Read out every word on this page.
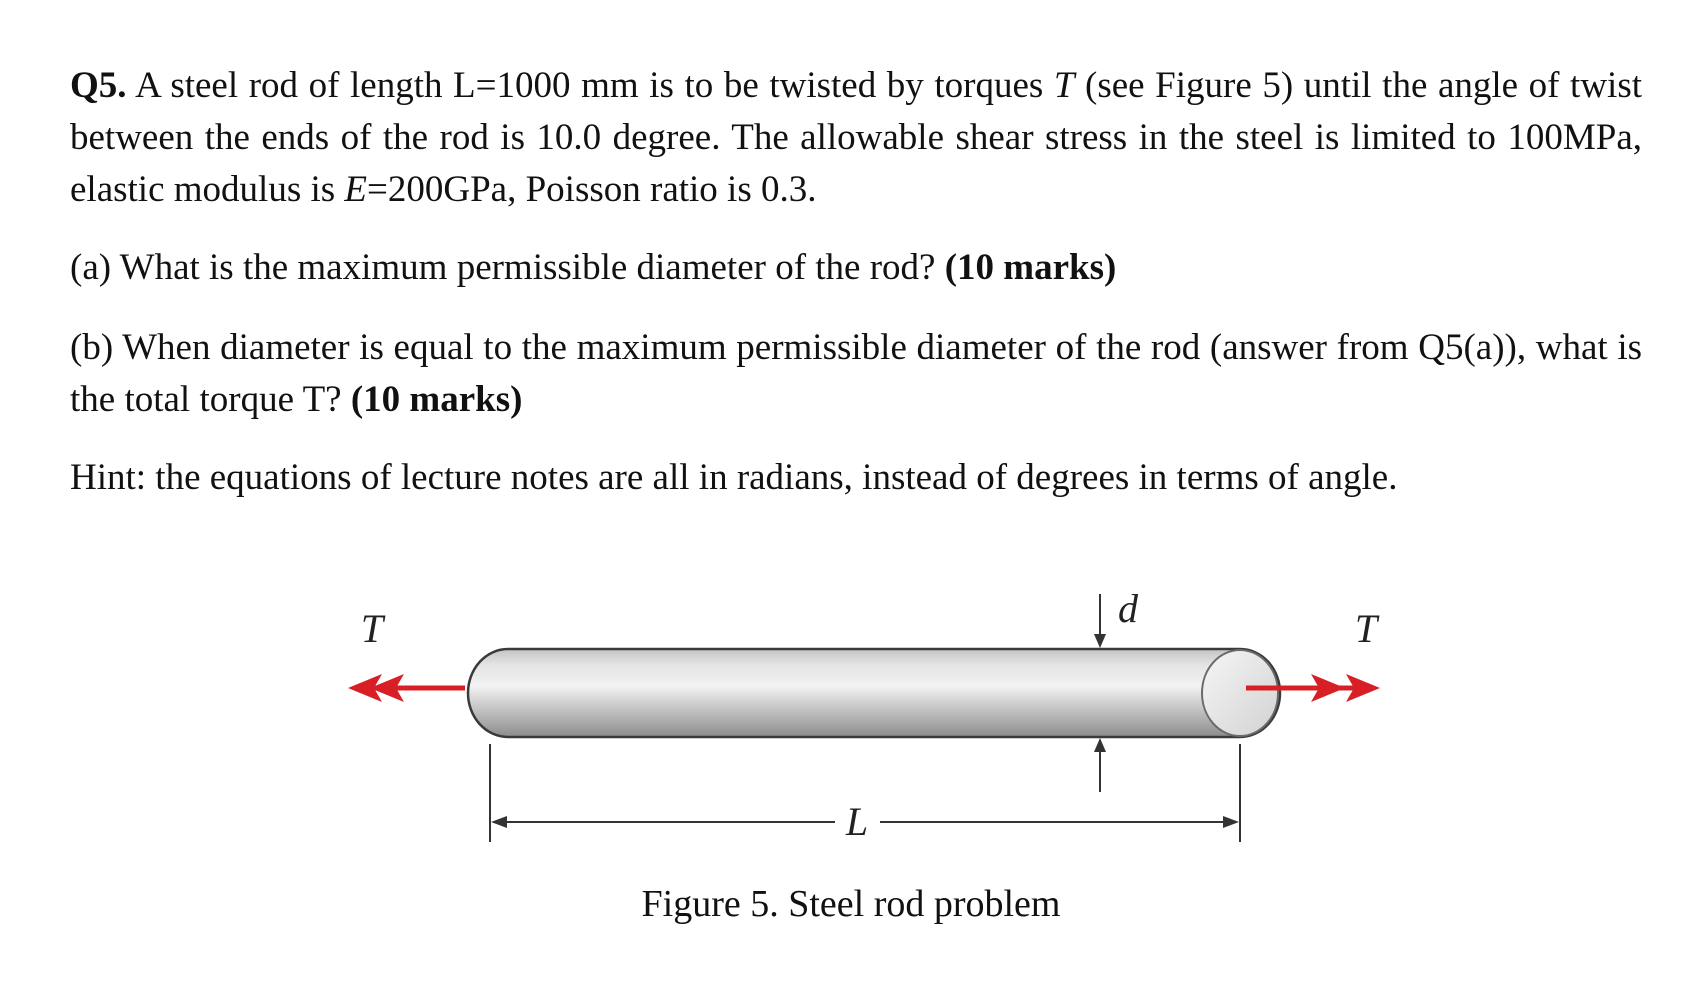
Q5. A steel rod of length L=1000 mm is to be twisted by torques T (see Figure 5) until the angle of twist between the ends of the rod is 10.0 degree. The allowable shear stress in the steel is limited to 100MPa, elastic modulus is E=200GPa, Poisson ratio is 0.3.

(a) What is the maximum permissible diameter of the rod? (10 marks)

(b) When diameter is equal to the maximum permissible diameter of the rod (answer from Q5(a)), what is the total torque T? (10 marks)

Hint: the equations of lecture notes are all in radians, instead of degrees in terms of angle.

T	T
d
L

Figure 5. Steel rod problem
